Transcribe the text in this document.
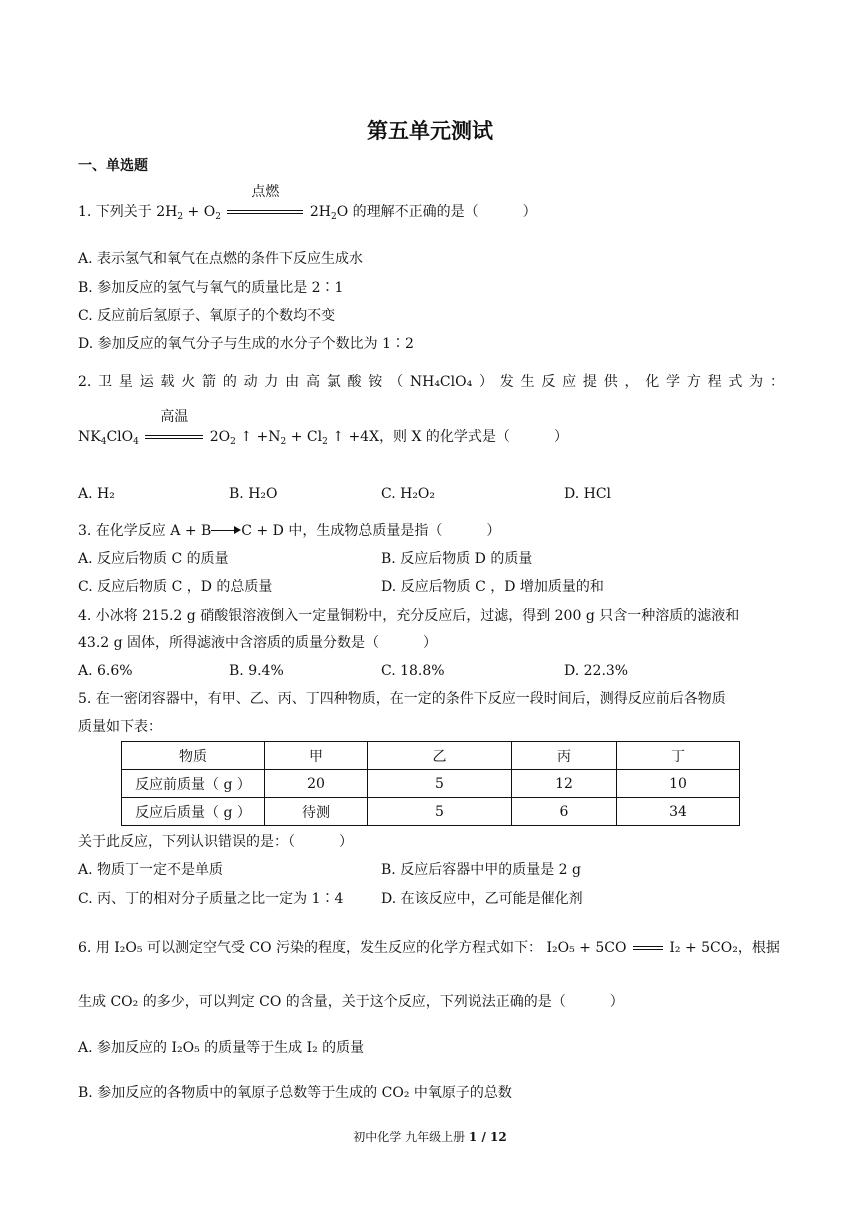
第五单元测试
一、单选题
1. 下列关于 $2H_2 + O_2$
点燃
$2H_2O$ 的理解不正确的是（	）
A. 表示氢气和氧气在点燃的条件下反应生成水
B. 参加反应的氢气与氧气的质量比是 2∶1
C. 反应前后氢原子、氧原子的个数均不变
D. 参加反应的氧气分子与生成的水分子个数比为 1∶2
2. 卫 星 运 载 火 箭 的 动 力 由 高 氯 酸 铵 （ NH₄ClO₄ ） 发 生 反 应 提 供 ， 化 学 方 程 式 为 ：
$NK_4ClO_4$
高温
$2O_2$ ↑ $+N_2 + Cl_2$ ↑ +4X，则 X 的化学式是（	）
A. H₂	B. H₂O	C. H₂O₂	D. HCl
3. 在化学反应 A + B C + D 中，生成物总质量是指（	）
A. 反应后物质 C 的质量	B. 反应后物质 D 的质量
C. 反应后物质 C ，D 的总质量	D. 反应后物质 C ，D 增加质量的和
4. 小冰将 215.2 g 硝酸银溶液倒入一定量铜粉中，充分反应后，过滤，得到 200 g 只含一种溶质的滤液和
43.2 g 固体，所得滤液中含溶质的质量分数是（	）
A. 6.6%	B. 9.4%	C. 18.8%	D. 22.3%
5. 在一密闭容器中，有甲、乙、丙、丁四种物质，在一定的条件下反应一段时间后，测得反应前后各物质
质量如下表：
物质	甲	乙	丙	丁
反应前质量（ g ）	20	5	12	10
反应后质量（ g ）	待测	5	6	34
关于此反应，下列认识错误的是：（	）
A. 物质丁一定不是单质	B. 反应后容器中甲的质量是 2 g
C. 丙、丁的相对分子质量之比一定为 1∶4	D. 在该反应中，乙可能是催化剂
6. 用 I₂O₅ 可以测定空气受 CO 污染的程度，发生反应的化学方程式如下： I₂O₅ + 5CO	I₂ + 5CO₂，根据
生成 CO₂ 的多少，可以判定 CO 的含量，关于这个反应，下列说法正确的是（	）
A. 参加反应的 I₂O₅ 的质量等于生成 I₂ 的质量
B. 参加反应的各物质中的氧原子总数等于生成的 CO₂ 中氧原子的总数
初中化学 九年级上册 1 / 12
